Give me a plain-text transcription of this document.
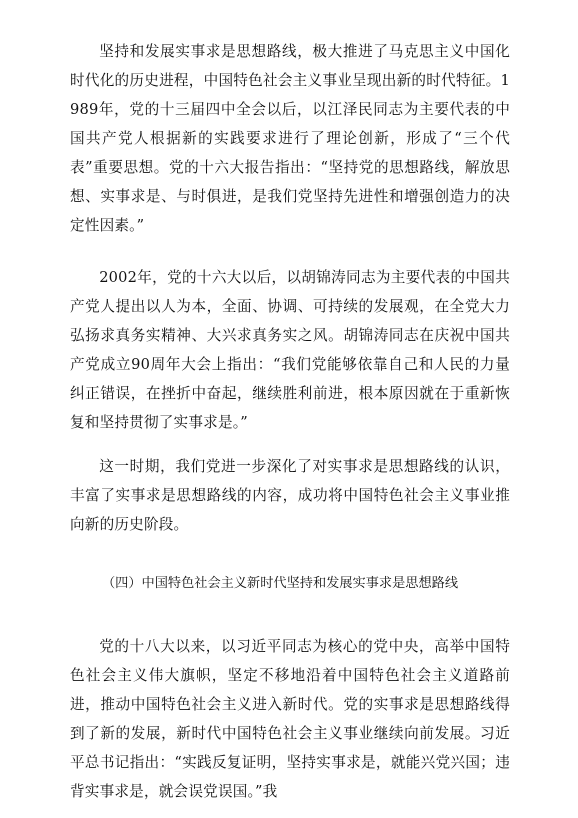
坚持和发展实事求是思想路线，极大推进了马克思主义中国化时代化的历史进程，中国特色社会主义事业呈现出新的时代特征。1989年，党的十三届四中全会以后，以江泽民同志为主要代表的中国共产党人根据新的实践要求进行了理论创新，形成了“三个代表”重要思想。党的十六大报告指出：“坚持党的思想路线，解放思想、实事求是、与时俱进，是我们党坚持先进性和增强创造力的决定性因素。”

2002年，党的十六大以后，以胡锦涛同志为主要代表的中国共产党人提出以人为本，全面、协调、可持续的发展观，在全党大力弘扬求真务实精神、大兴求真务实之风。胡锦涛同志在庆祝中国共产党成立90周年大会上指出：“我们党能够依靠自己和人民的力量纠正错误，在挫折中奋起，继续胜利前进，根本原因就在于重新恢复和坚持贯彻了实事求是。”

这一时期，我们党进一步深化了对实事求是思想路线的认识，丰富了实事求是思想路线的内容，成功将中国特色社会主义事业推向新的历史阶段。

（四）中国特色社会主义新时代坚持和发展实事求是思想路线

党的十八大以来，以习近平同志为核心的党中央，高举中国特色社会主义伟大旗帜，坚定不移地沿着中国特色社会主义道路前进，推动中国特色社会主义进入新时代。党的实事求是思想路线得到了新的发展，新时代中国特色社会主义事业继续向前发展。习近平总书记指出：“实践反复证明，坚持实事求是，就能兴党兴国；违背实事求是，就会误党误国。”我
